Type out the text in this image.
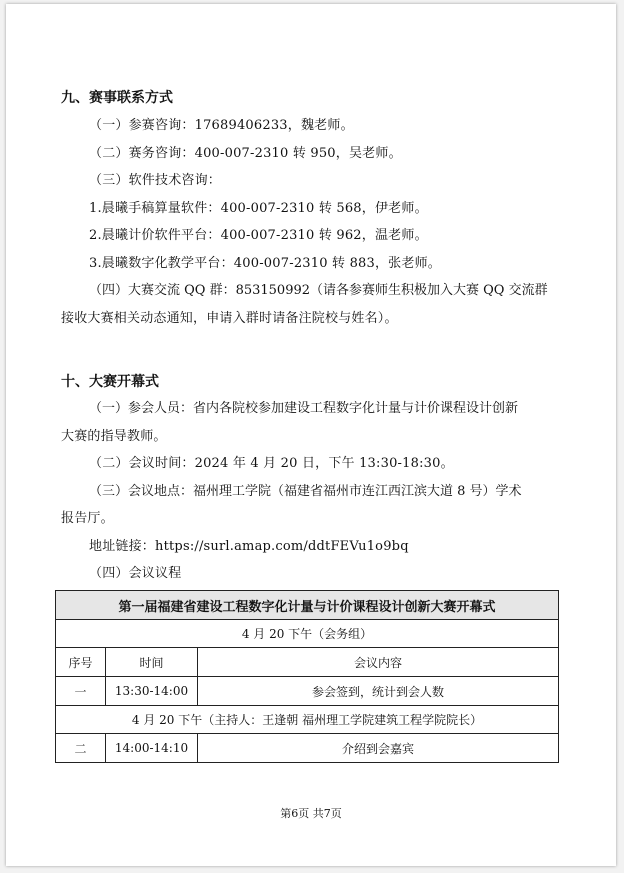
九、赛事联系方式
（一）参赛咨询：17689406233，魏老师。
（二）赛务咨询：400-007-2310 转 950，吴老师。
（三）软件技术咨询：
1.晨曦手稿算量软件：400-007-2310 转 568，伊老师。
2.晨曦计价软件平台：400-007-2310 转 962，温老师。
3.晨曦数字化教学平台：400-007-2310 转 883，张老师。
（四）大赛交流 QQ 群：853150992（请各参赛师生积极加入大赛 QQ 交流群
接收大赛相关动态通知，申请入群时请备注院校与姓名）。
十、大赛开幕式
（一）参会人员：省内各院校参加建设工程数字化计量与计价课程设计创新
大赛的指导教师。
（二）会议时间：2024 年 4 月 20 日，下午 13:30-18:30。
（三）会议地点：福州理工学院（福建省福州市连江西江滨大道 8 号）学术
报告厅。
地址链接：https://surl.amap.com/ddtFEVu1o9bq
（四）会议议程
第一届福建省建设工程数字化计量与计价课程设计创新大赛开幕式		
4 月 20 下午（会务组）		
序号	时间	会议内容
一	13:30-14:00	参会签到，统计到会人数
4 月 20 下午（主持人：王逢朝 福州理工学院建筑工程学院院长）		
二	14:00-14:10	介绍到会嘉宾
第6页 共7页
